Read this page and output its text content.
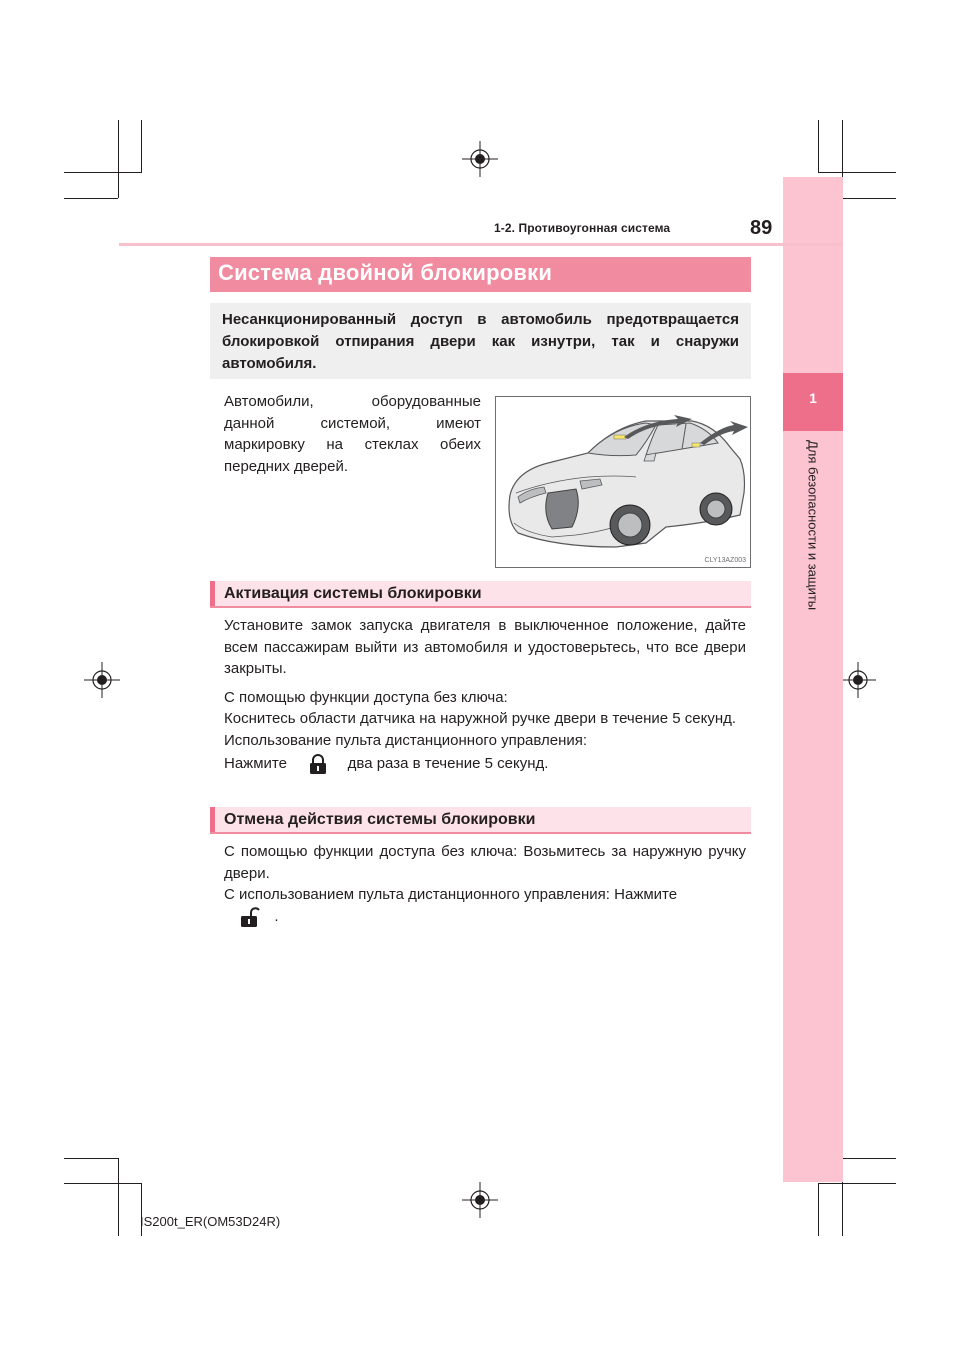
1
Для безопасности и защиты
1-2. Противоугонная система	89
Система двойной блокировки

Несанкционированный доступ в автомобиль предотвращается блокировкой отпирания двери как изнутри, так и снаружи автомобиля.

Автомобили, оборудованные данной системой, имеют маркировку на стеклах обеих передних дверей.
CLY13AZ003
Активация системы блокировки

Установите замок запуска двигателя в выключенное положение, дайте всем пассажирам выйти из автомобиля и удостоверьтесь, что все двери закрыты.

С помощью функции доступа без ключа:

Коснитесь области датчика на наружной ручке двери в течение 5 секунд.

Использование пульта дистанционного управления:

Нажмите	два раза в течение 5 секунд.

Отмена действия системы блокировки

С помощью функции доступа без ключа: Возьмитесь за наружную ручку двери.

С использованием пульта дистанционного управления: Нажмите

.

IS200t_ER(OM53D24R)
